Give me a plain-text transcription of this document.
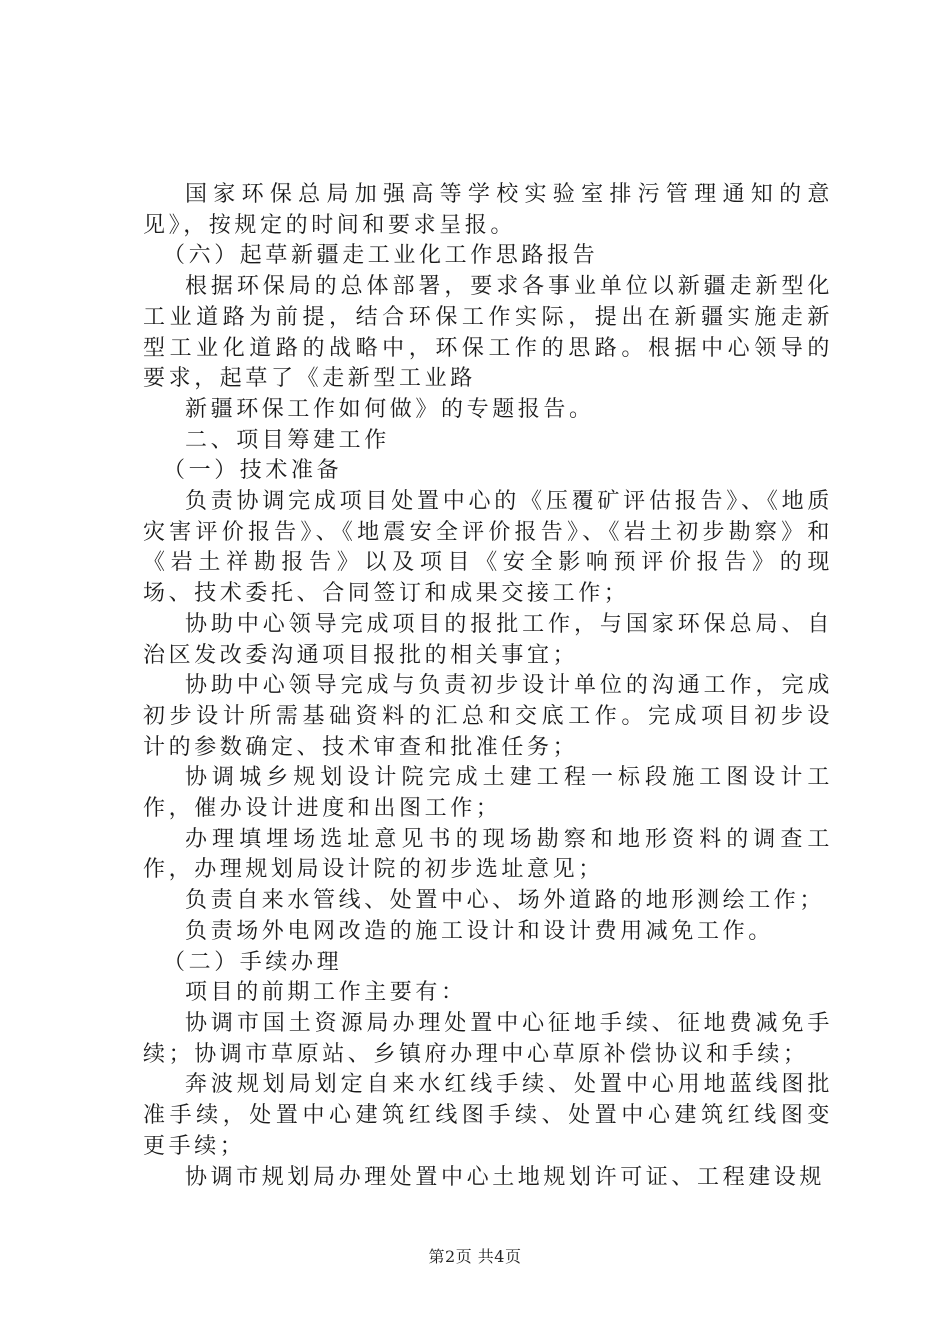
国家环保总局加强高等学校实验室排污管理通知的意见》，按规定的时间和要求呈报。

（六）起草新疆走工业化工作思路报告

根据环保局的总体部署，要求各事业单位以新疆走新型化工业道路为前提，结合环保工作实际，提出在新疆实施走新型工业化道路的战略中，环保工作的思路。根据中心领导的要求，起草了《走新型工业路

新疆环保工作如何做》的专题报告。

二、项目筹建工作

（一）技术准备

负责协调完成项目处置中心的《压覆矿评估报告》、《地质灾害评价报告》、《地震安全评价报告》、《岩土初步勘察》和《岩土祥勘报告》以及项目《安全影响预评价报告》的现场、技术委托、合同签订和成果交接工作；

协助中心领导完成项目的报批工作，与国家环保总局、自治区发改委沟通项目报批的相关事宜；

协助中心领导完成与负责初步设计单位的沟通工作，完成初步设计所需基础资料的汇总和交底工作。完成项目初步设计的参数确定、技术审查和批准任务；

协调城乡规划设计院完成土建工程一标段施工图设计工作，催办设计进度和出图工作；

办理填埋场选址意见书的现场勘察和地形资料的调查工作，办理规划局设计院的初步选址意见；

负责自来水管线、处置中心、场外道路的地形测绘工作；

负责场外电网改造的施工设计和设计费用减免工作。

（二）手续办理

项目的前期工作主要有：

协调市国土资源局办理处置中心征地手续、征地费减免手续；协调市草原站、乡镇府办理中心草原补偿协议和手续；

奔波规划局划定自来水红线手续、处置中心用地蓝线图批准手续，处置中心建筑红线图手续、处置中心建筑红线图变更手续；

协调市规划局办理处置中心土地规划许可证、工程建设规

第2页 共4页
